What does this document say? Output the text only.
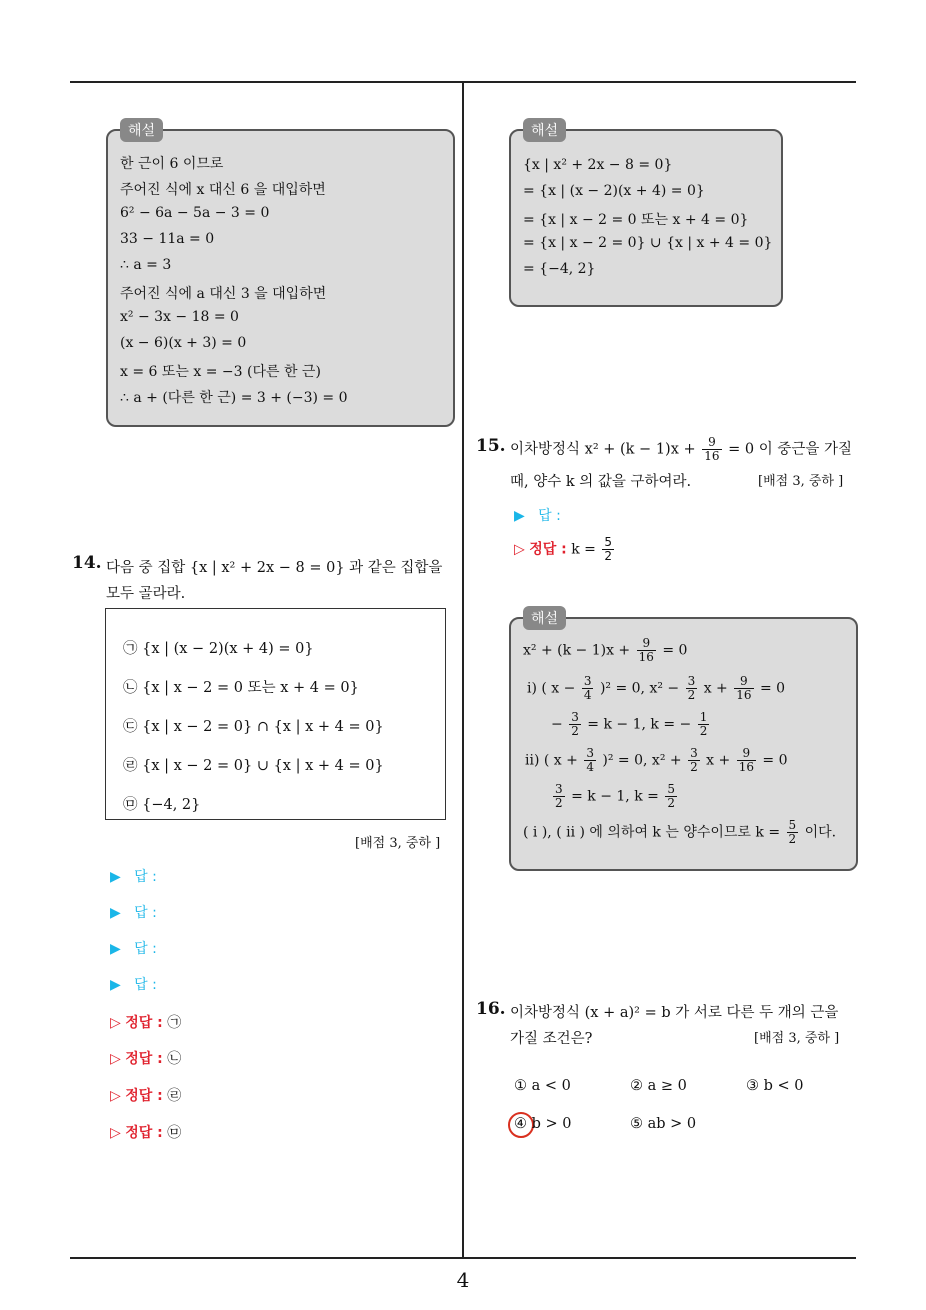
해설
한 근이 6 이므로
주어진 식에 x 대신 6 을 대입하면
6² − 6a − 5a − 3 = 0
33 − 11a = 0
∴ a = 3
주어진 식에 a 대신 3 을 대입하면
x² − 3x − 18 = 0
(x − 6)(x + 3) = 0
x = 6 또는 x = −3 (다른 한 근)
∴ a + (다른 한 근) = 3 + (−3) = 0
해설
{x | x² + 2x − 8 = 0}
= {x | (x − 2)(x + 4) = 0}
= {x | x − 2 = 0 또는 x + 4 = 0}
= {x | x − 2 = 0} ∪ {x | x + 4 = 0}
= {−4, 2}
14. 다음 중 집합 {x | x² + 2x − 8 = 0} 과 같은 집합을
모두 골라라.
㉠ {x | (x − 2)(x + 4) = 0}
㉡ {x | x − 2 = 0 또는 x + 4 = 0}
㉢ {x | x − 2 = 0} ∩ {x | x + 4 = 0}
㉣ {x | x − 2 = 0} ∪ {x | x + 4 = 0}
㉤ {−4, 2}
[배점 3, 중하 ]
▶ 답 :
▶ 답 :
▶ 답 :
▶ 답 :
▷ 정답 : ㉠
▷ 정답 : ㉡
▷ 정답 : ㉣
▷ 정답 : ㉤
15. 이차방정식 $x^2 + (k - 1)x + \frac{9}{16} = 0$ 이 중근을 가질
때, 양수 k 의 값을 구하여라.	[배점 3, 중하 ]
▶ 답 :
▷ 정답 : $k = \frac{5}{2}$
해설
$x^2 + (k - 1)x + \frac{9}{16} = 0$
ⅰ) ( $x - \frac{3}{4} )^2 = 0$, $x^2 - \frac{3}{2}$ $x + \frac{9}{16} = 0$
− $\frac{3}{2} = k - 1$, k = − $\frac{1}{2}$
ⅱ) ( $x + \frac{3}{4} )^2 = 0$, $x^2 + \frac{3}{2}$ $x + \frac{9}{16} = 0$
$\frac{3}{2} = k - 1$, $k = \frac{5}{2}$
( i ), ( ii ) 에 의하여 k 는 양수이므로 $k = \frac{5}{2}$ 이다.
16. 이차방정식 (x + a)² = b 가 서로 다른 두 개의 근을
가질 조건은?	[배점 3, 중하 ]
① a < 0	② a ≥ 0	③ b < 0
④ b > 0	⑤ ab > 0
4
